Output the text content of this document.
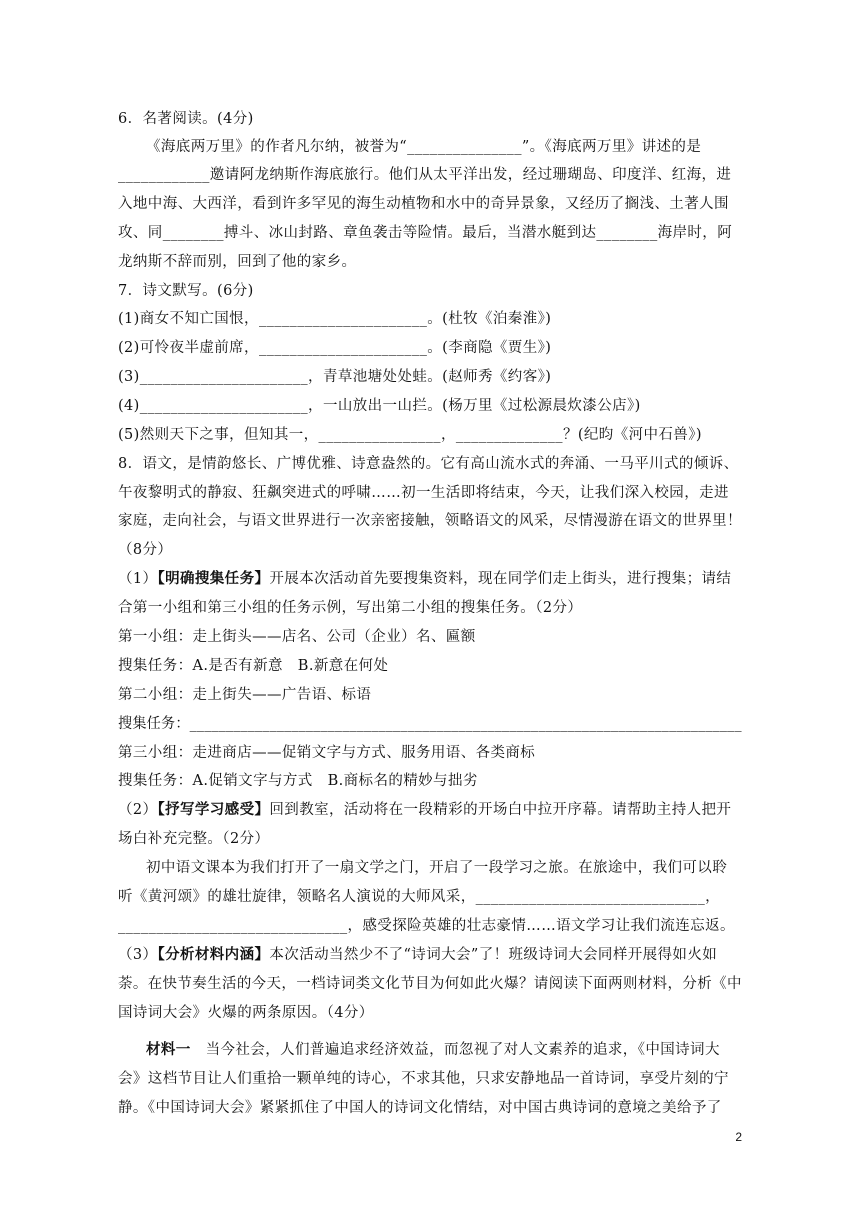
6．名著阅读。(4分)
《海底两万里》的作者凡尔纳，被誉为“_______________”。《海底两万里》讲述的是
____________邀请阿龙纳斯作海底旅行。他们从太平洋出发，经过珊瑚岛、印度洋、红海，进
入地中海、大西洋，看到许多罕见的海生动植物和水中的奇异景象，又经历了搁浅、土著人围
攻、同________搏斗、冰山封路、章鱼袭击等险情。最后，当潜水艇到达________海岸时，阿
龙纳斯不辞而别，回到了他的家乡。
7．诗文默写。(6分)
(1)商女不知亡国恨，______________________。(杜牧《泊秦淮》)
(2)可怜夜半虚前席，______________________。(李商隐《贾生》)
(3)______________________，青草池塘处处蛙。(赵师秀《约客》)
(4)______________________，一山放出一山拦。(杨万里《过松源晨炊漆公店》)
(5)然则天下之事，但知其一，________________，______________？(纪昀《河中石兽》)
8．语文，是情韵悠长、广博优雅、诗意盎然的。它有高山流水式的奔涌、一马平川式的倾诉、
午夜黎明式的静寂、狂飙突进式的呼啸……初一生活即将结束，今天，让我们深入校园，走进
家庭，走向社会，与语文世界进行一次亲密接触，领略语文的风采，尽情漫游在语文的世界里！
（8分）
（1）【明确搜集任务】开展本次活动首先要搜集资料，现在同学们走上街头，进行搜集；请结
合第一小组和第三小组的任务示例，写出第二小组的搜集任务。（2分）
第一小组：走上街头——店名、公司（企业）名、匾额
搜集任务：A.是否有新意　B.新意在何处
第二小组：走上街失——广告语、标语
搜集任务：____________________________________________________________________________
第三小组：走进商店——促销文字与方式、服务用语、各类商标
搜集任务：A.促销文字与方式　B.商标名的精妙与拙劣
（2）【抒写学习感受】回到教室，活动将在一段精彩的开场白中拉开序幕。请帮助主持人把开
场白补充完整。（2分）
初中语文课本为我们打开了一扇文学之门，开启了一段学习之旅。在旅途中，我们可以聆
听《黄河颂》的雄壮旋律，领略名人演说的大师风采，______________________________，
______________________________，感受探险英雄的壮志豪情……语文学习让我们流连忘返。
（3）【分析材料内涵】本次活动当然少不了“诗词大会”了！班级诗词大会同样开展得如火如
荼。在快节奏生活的今天，一档诗词类文化节目为何如此火爆？请阅读下面两则材料，分析《中
国诗词大会》火爆的两条原因。（4分）
材料一　当今社会，人们普遍追求经济效益，而忽视了对人文素养的追求，《中国诗词大
会》这档节目让人们重拾一颗单纯的诗心，不求其他，只求安静地品一首诗词，享受片刻的宁
静。《中国诗词大会》紧紧抓住了中国人的诗词文化情结，对中国古典诗词的意境之美给予了
2
